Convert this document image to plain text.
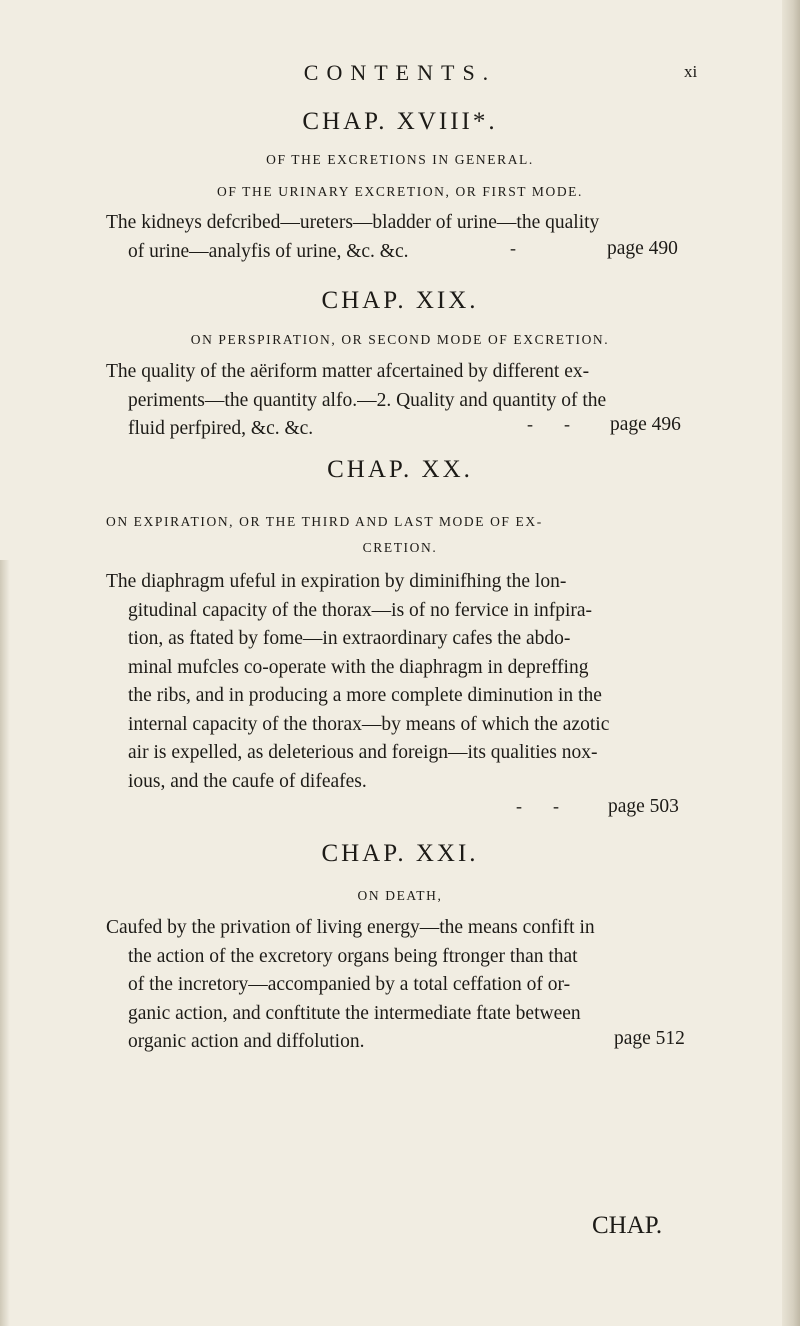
CONTENTS.	xi
CHAP. XVIII*.
OF THE EXCRETIONS IN GENERAL.
OF THE URINARY EXCRETION, OR FIRST MODE.
The kidneys defcribed—ureters—bladder of urine—the quality
of urine—analyfis of urine, &c. &c.	-	page 490
CHAP. XIX.
ON PERSPIRATION, OR SECOND MODE OF EXCRETION.
The quality of the aëriform matter afcertained by different ex-
periments—the quantity alfo.—2. Quality and quantity of the
fluid perfpired, &c. &c.	- - page 496
CHAP. XX.
ON EXPIRATION, OR THE THIRD AND LAST MODE OF EX-
CRETION.
The diaphragm ufeful in expiration by diminifhing the lon-
gitudinal capacity of the thorax—is of no fervice in infpira-
tion, as ftated by fome—in extraordinary cafes the abdo-
minal mufcles co-operate with the diaphragm in depreffing
the ribs, and in producing a more complete diminution in the
internal capacity of the thorax—by means of which the azotic
air is expelled, as deleterious and foreign—its qualities nox-
ious, and the caufe of difeafes.
- -	page 503
CHAP. XXI.
ON DEATH,
Caufed by the privation of living energy—the means confift in
the action of the excretory organs being ftronger than that
of the incretory—accompanied by a total ceffation of or-
ganic action, and conftitute the intermediate ftate between
organic action and diffolution.	page 512
CHAP.
